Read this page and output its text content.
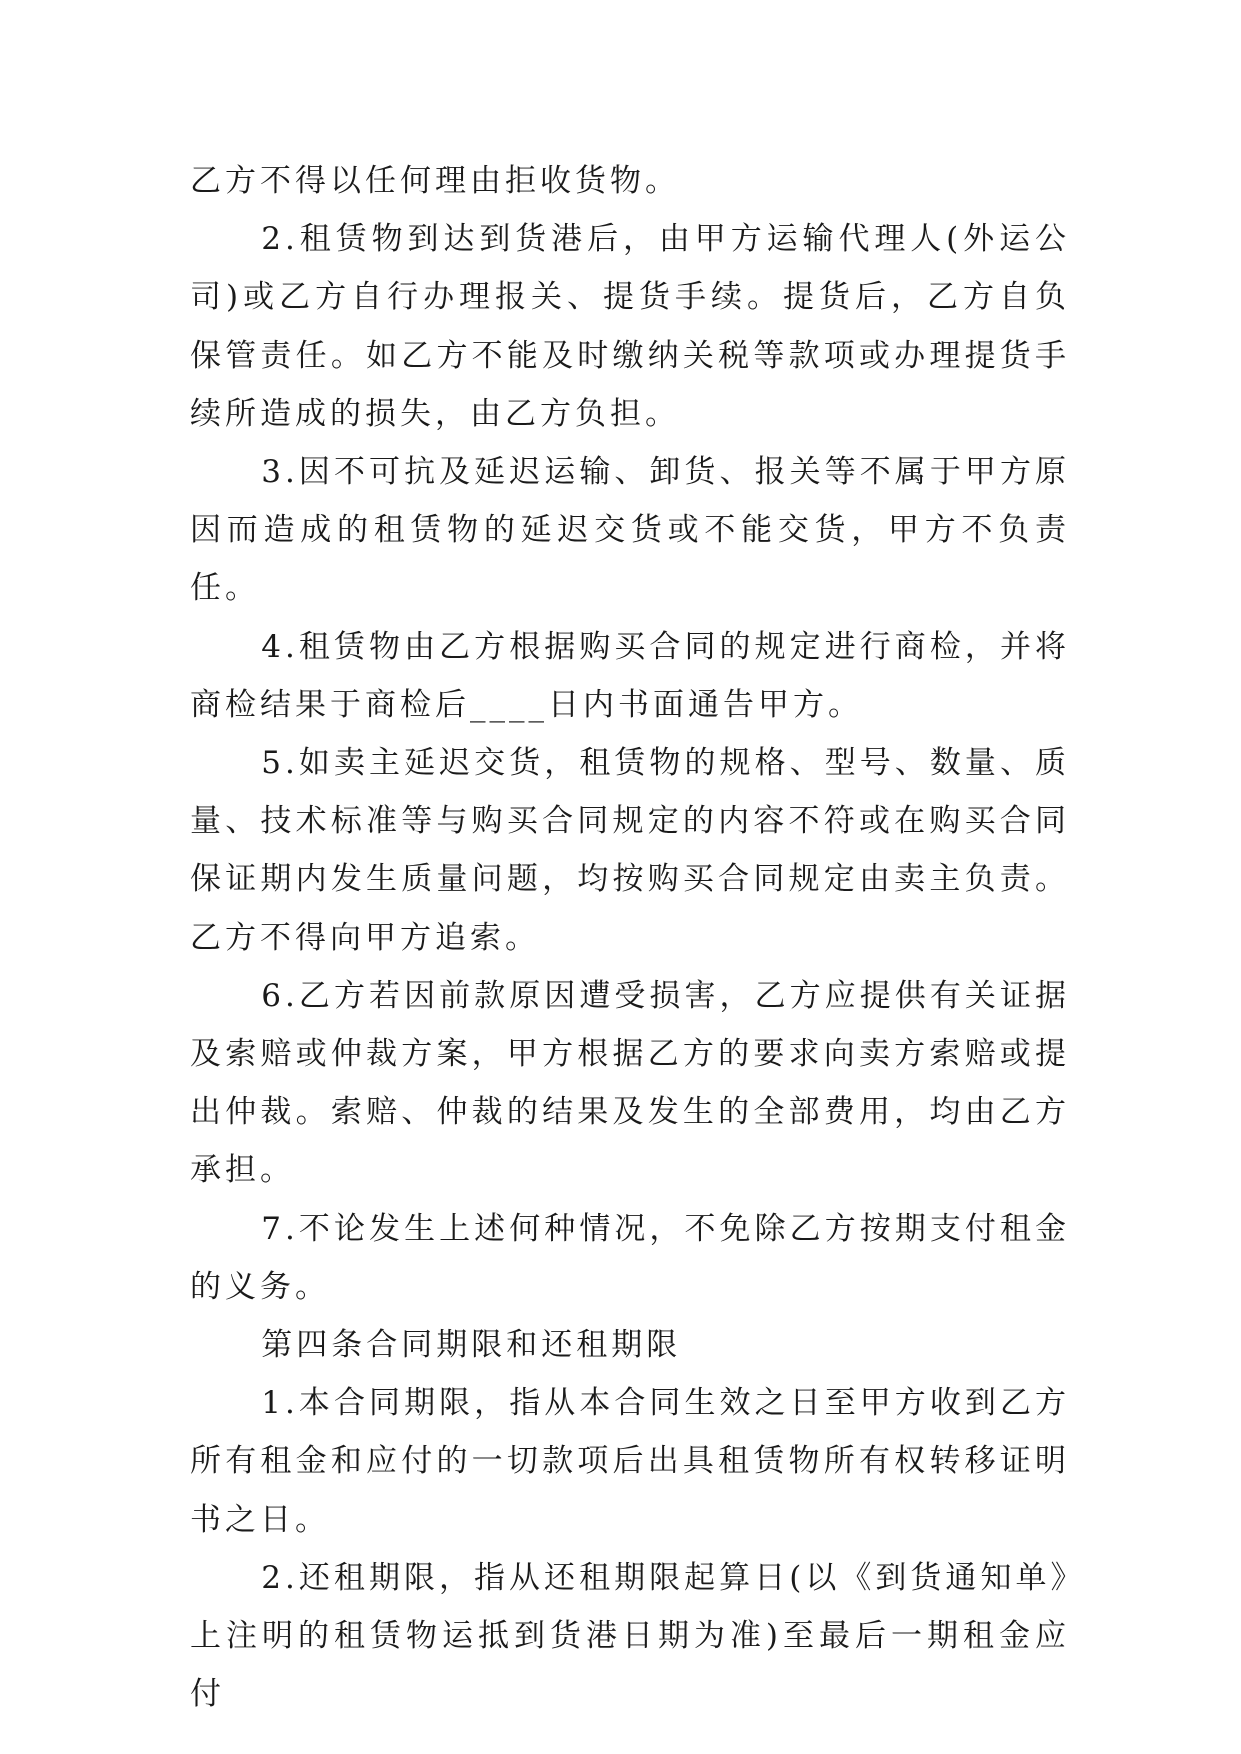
乙方不得以任何理由拒收货物。

2.租赁物到达到货港后，由甲方运输代理人(外运公司)或乙方自行办理报关、提货手续。提货后，乙方自负保管责任。如乙方不能及时缴纳关税等款项或办理提货手续所造成的损失，由乙方负担。

3.因不可抗及延迟运输、卸货、报关等不属于甲方原因而造成的租赁物的延迟交货或不能交货，甲方不负责任。

4.租赁物由乙方根据购买合同的规定进行商检，并将商检结果于商检后____日内书面通告甲方。

5.如卖主延迟交货，租赁物的规格、型号、数量、质量、技术标准等与购买合同规定的内容不符或在购买合同保证期内发生质量问题，均按购买合同规定由卖主负责。乙方不得向甲方追索。

6.乙方若因前款原因遭受损害，乙方应提供有关证据及索赔或仲裁方案，甲方根据乙方的要求向卖方索赔或提出仲裁。索赔、仲裁的结果及发生的全部费用，均由乙方承担。

7.不论发生上述何种情况，不免除乙方按期支付租金的义务。

第四条合同期限和还租期限

1.本合同期限，指从本合同生效之日至甲方收到乙方所有租金和应付的一切款项后出具租赁物所有权转移证明书之日。

2.还租期限，指从还租期限起算日(以《到货通知单》上注明的租赁物运抵到货港日期为准)至最后一期租金应付
